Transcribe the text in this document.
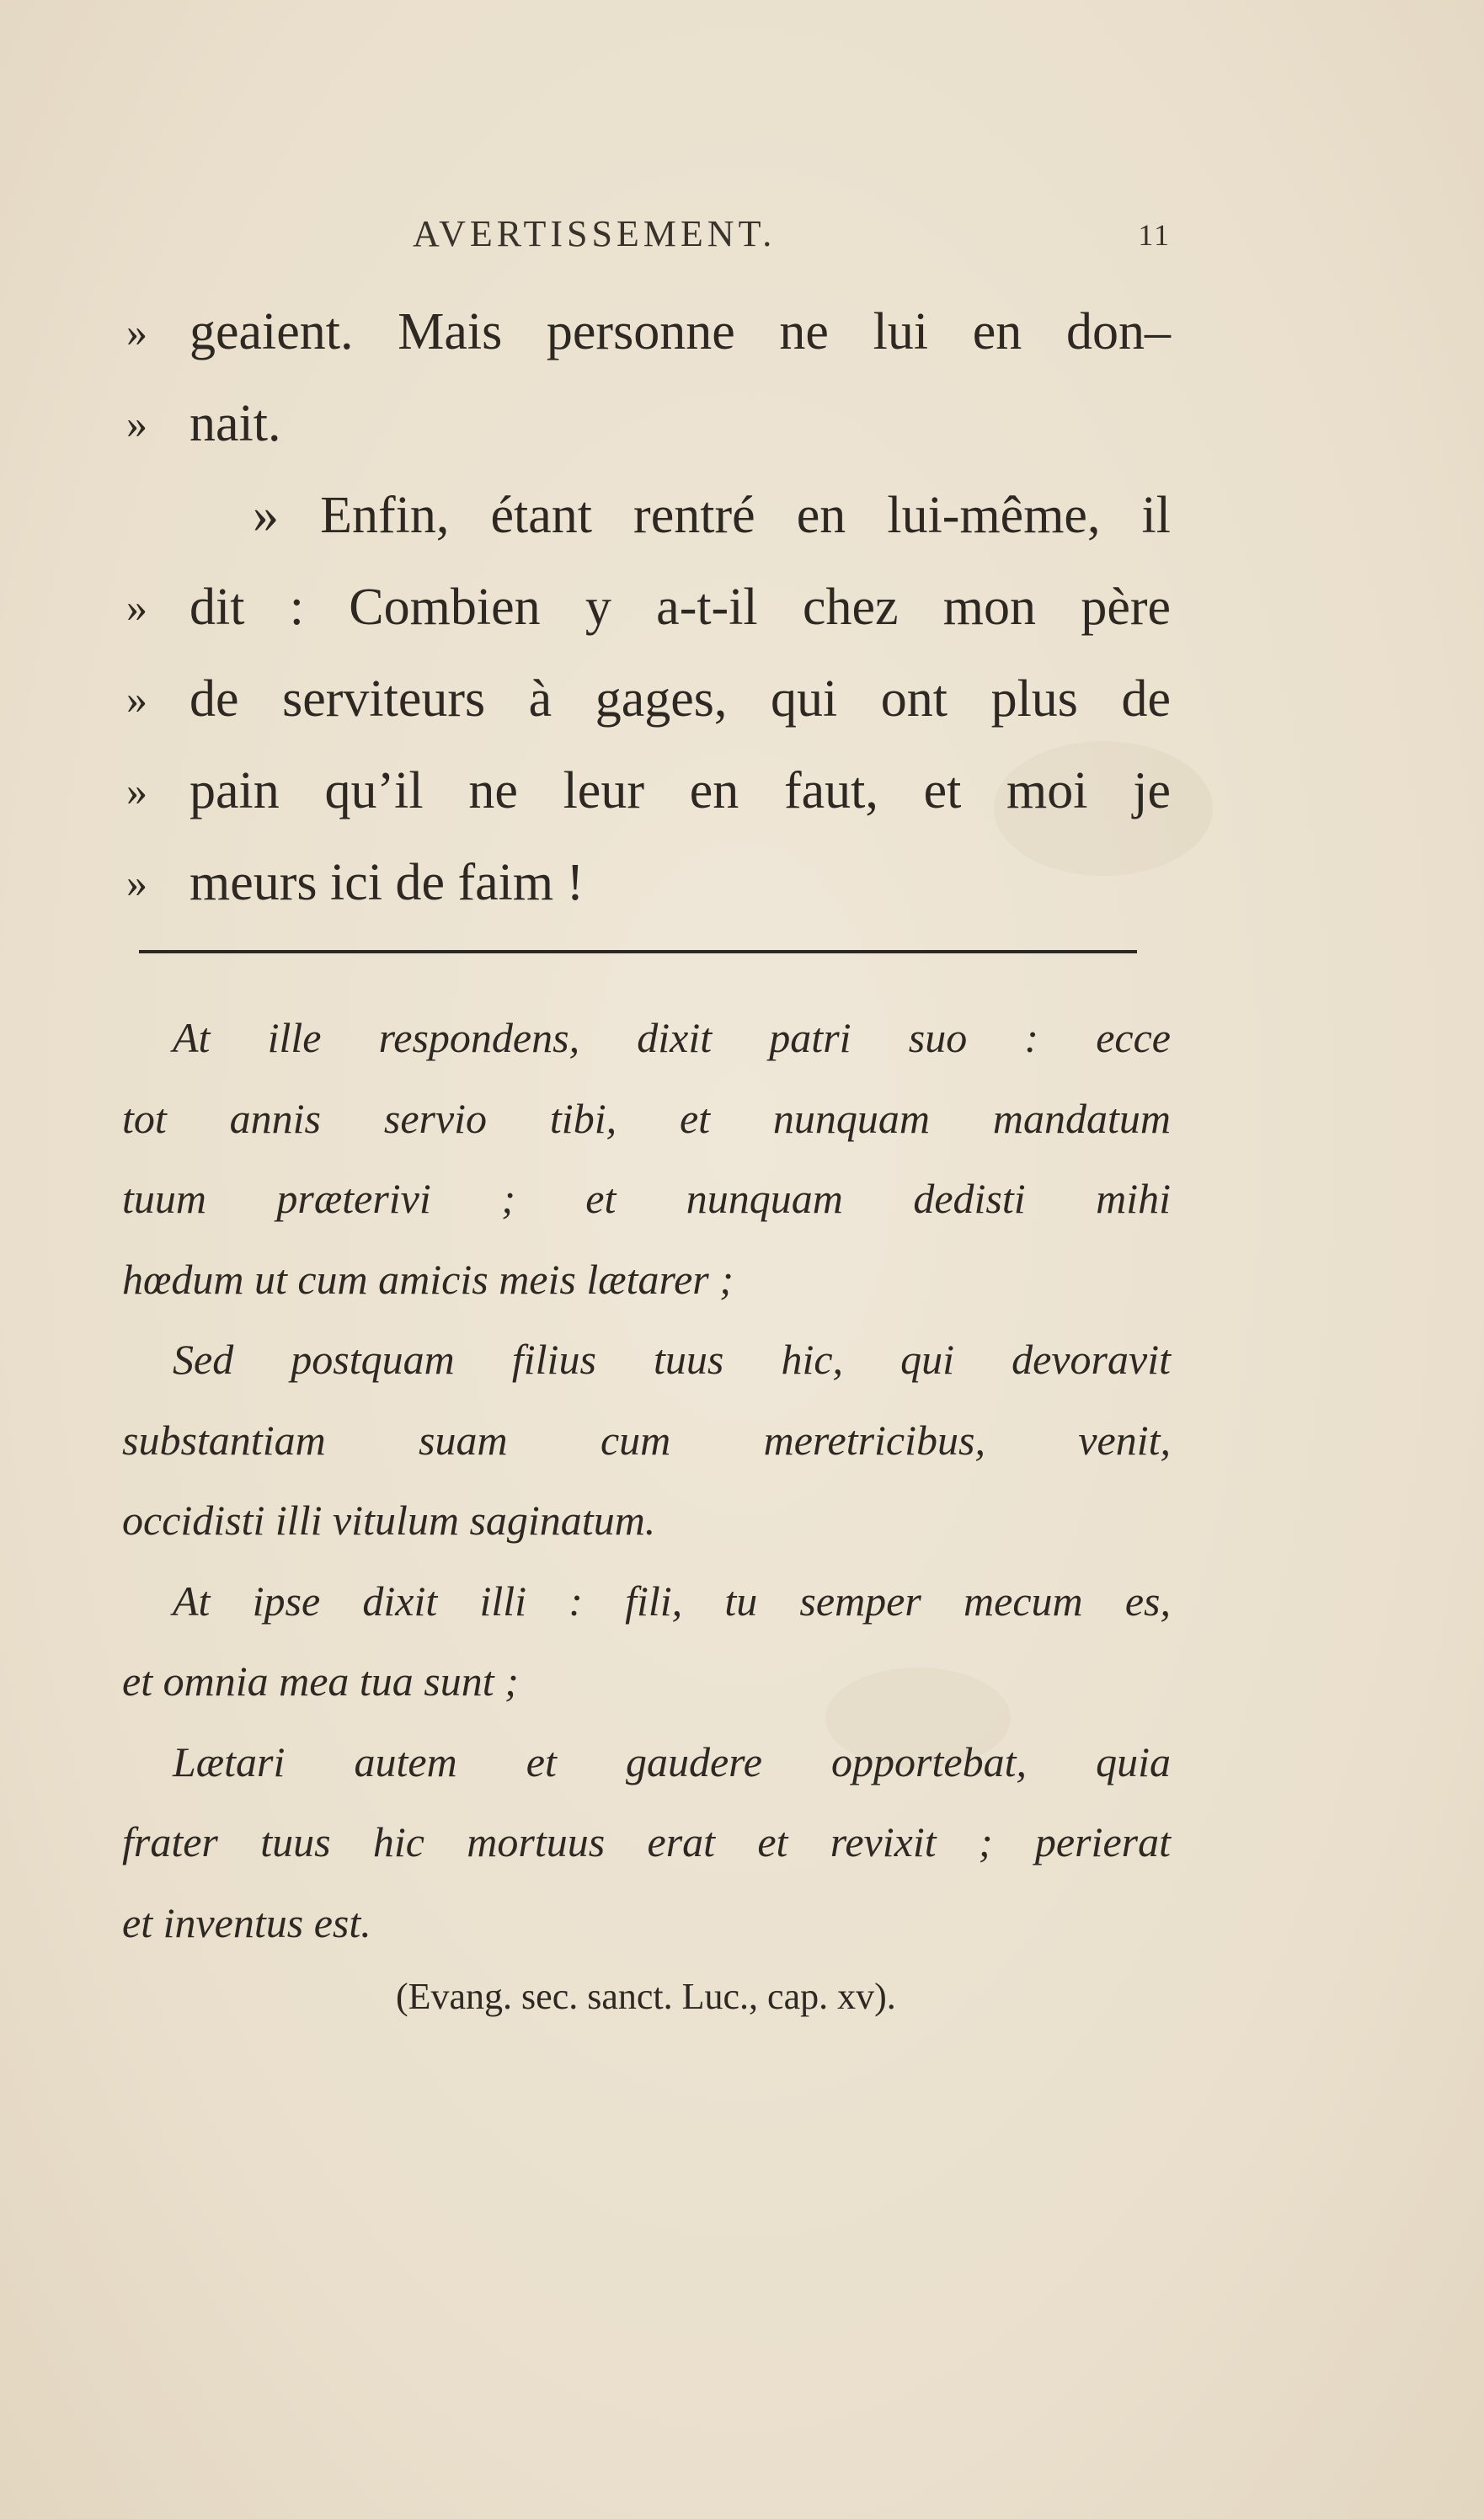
AVERTISSEMENT.	11
» geaient. Mais personne ne lui en don–
» nait.
» Enfin, étant rentré en lui-même, il
» dit : Combien y a-t-il chez mon père
» de serviteurs à gages, qui ont plus de
» pain qu’il ne leur en faut, et moi je
» meurs ici de faim !
At ille respondens, dixit patri suo : ecce
tot annis servio tibi, et nunquam mandatum
tuum præterivi ; et nunquam dedisti mihi
hœdum ut cum amicis meis lætarer ;
Sed postquam filius tuus hic, qui devoravit
substantiam suam cum meretricibus, venit,
occidisti illi vitulum saginatum.
At ipse dixit illi : fili, tu semper mecum es,
et omnia mea tua sunt ;
Lætari autem et gaudere opportebat, quia
frater tuus hic mortuus erat et revixit ; perierat
et inventus est.
(Evang. sec. sanct. Luc., cap. xv).
